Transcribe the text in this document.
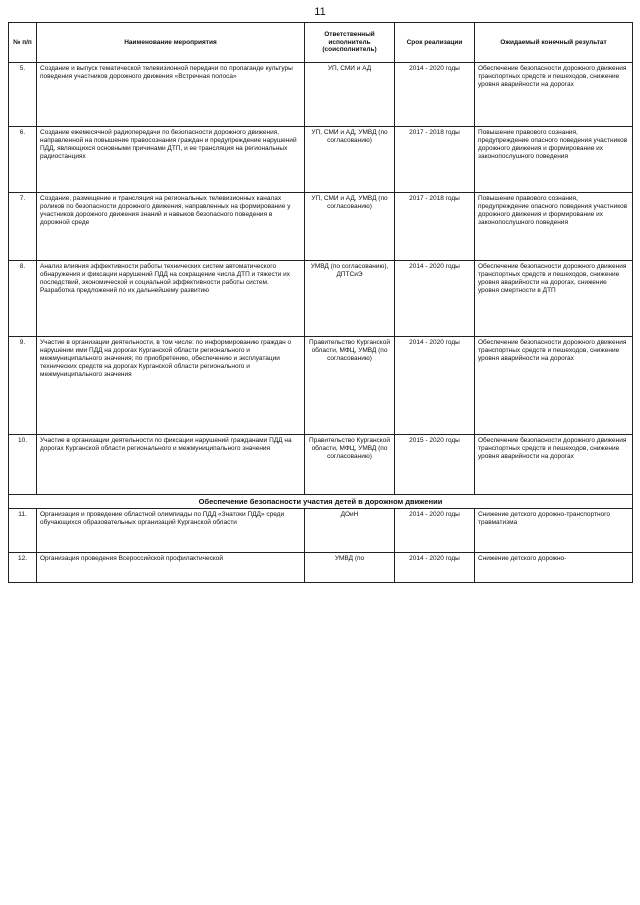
11
№ п/п	Наименование мероприятия	Ответственный исполнитель (соисполнитель)	Срок реализации	Ожидаемый конечный результат
5.	Создание и выпуск тематической телевизионной передачи по пропаганде культуры поведения участников дорожного движения «Встречная полоса»	УП, СМИ и АД	2014 - 2020 годы	Обеспечение безопасности дорожного движения транспортных средств и пешеходов, снижение уровня аварийности на дорогах
6.	Создание ежемесячной радиопередачи по безопасности дорожного движения, направленной на повышение правосознания граждан и предупреждение нарушений ПДД, являющихся основными причинами ДТП, и ее трансляция на региональных радиостанциях	УП, СМИ и АД, УМВД (по согласованию)	2017 - 2018 годы	Повышение правового сознания, предупреждение опасного поведения участников дорожного движения и формирование их законопослушного поведения
7.	Создание, размещение и трансляция на региональных телевизионных каналах роликов по безопасности дорожного движения, направленных на формирование у участников дорожного движения знаний и навыков безопасного поведения в дорожной среде	УП, СМИ и АД, УМВД (по согласованию)	2017 - 2018 годы	Повышение правового сознания, предупреждение опасного поведения участников дорожного движения и формирование их законопослушного поведения
8.	Анализ влияния эффективности работы технических систем автоматического обнаружения и фиксации нарушений ПДД на сокращение числа ДТП и тяжести их последствий, экономической и социальной эффективности работы систем. Разработка предложений по их дальнейшему развитию	УМВД (по согласованию), ДПТСиЭ	2014 - 2020 годы	Обеспечение безопасности дорожного движения транспортных средств и пешеходов, снижение уровня аварийности на дорогах, снижение уровня смертности в ДТП
9.	Участие в организации деятельности, в том числе: по информированию граждан о нарушении ими ПДД на дорогах Курганской области регионального и межмуниципального значения; по приобретению, обеспечению и эксплуатации технических средств на дорогах Курганской области регионального и межмуниципального значения	Правительство Курганской области, МФЦ, УМВД (по согласованию)	2014 - 2020 годы	Обеспечение безопасности дорожного движения транспортных средств и пешеходов, снижение уровня аварийности на дорогах
10.	Участие в организации деятельности по фиксации нарушений гражданами ПДД на дорогах Курганской области регионального и межмуниципального значения	Правительство Курганской области, МФЦ, УМВД (по согласованию)	2015 - 2020 годы	Обеспечение безопасности дорожного движения транспортных средств и пешеходов, снижение уровня аварийности на дорогах
Обеспечение безопасности участия детей в дорожном движении				
11.	Организация и проведение областной олимпиады по ПДД «Знатоки ПДД» среди обучающихся образовательных организаций Курганской области	ДОиН	2014 - 2020 годы	Снижение детского дорожно-транспортного травматизма
12.	Организация проведения Всероссийской профилактической	УМВД (по	2014 - 2020 годы	Снижение детского дорожно-
